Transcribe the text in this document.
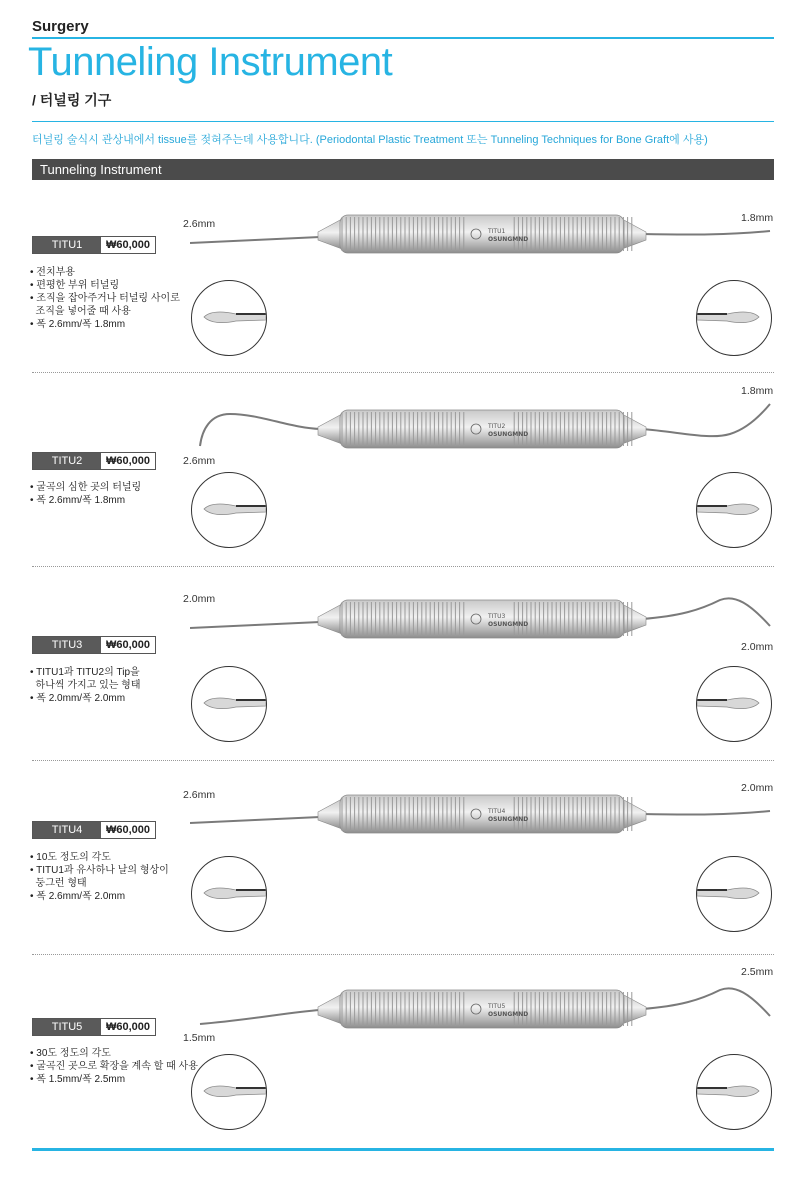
Surgery
Tunneling Instrument
/ 터널링 기구
터널링 술식시 관상내에서 tissue를 젖혀주는데 사용합니다. (Periodontal Plastic Treatment 또는 Tunneling Techniques for Bone Graft에 사용)
Tunneling Instrument
TITU1	₩60,000
• 전치부용
• 편평한 부위 터널링
• 조직을 잡아주거나 터널링 사이로
조직을 넣어줄 때 사용
• 폭 2.6mm/폭 1.8mm
2.6mm	1.8mm
TITU1
OSUNGMND
TITU2	₩60,000
• 굴곡의 심한 곳의 터널링
• 폭 2.6mm/폭 1.8mm
2.6mm
1.8mm
TITU2
OSUNGMND
TITU3	₩60,000
• TITU1과 TITU2의 Tip을
하나씩 가지고 있는 형태
• 폭 2.0mm/폭 2.0mm
2.0mm
2.0mm
TITU3
OSUNGMND
TITU4	₩60,000
• 10도 정도의 각도
• TITU1과 유사하나 날의 형상이
둥그런 형태
• 폭 2.6mm/폭 2.0mm
2.6mm
2.0mm
TITU4
OSUNGMND
TITU5	₩60,000
• 30도 정도의 각도
• 굴곡진 곳으로 확장을 계속 할 때 사용
• 폭 1.5mm/폭 2.5mm
1.5mm
2.5mm
TITU5
OSUNGMND
